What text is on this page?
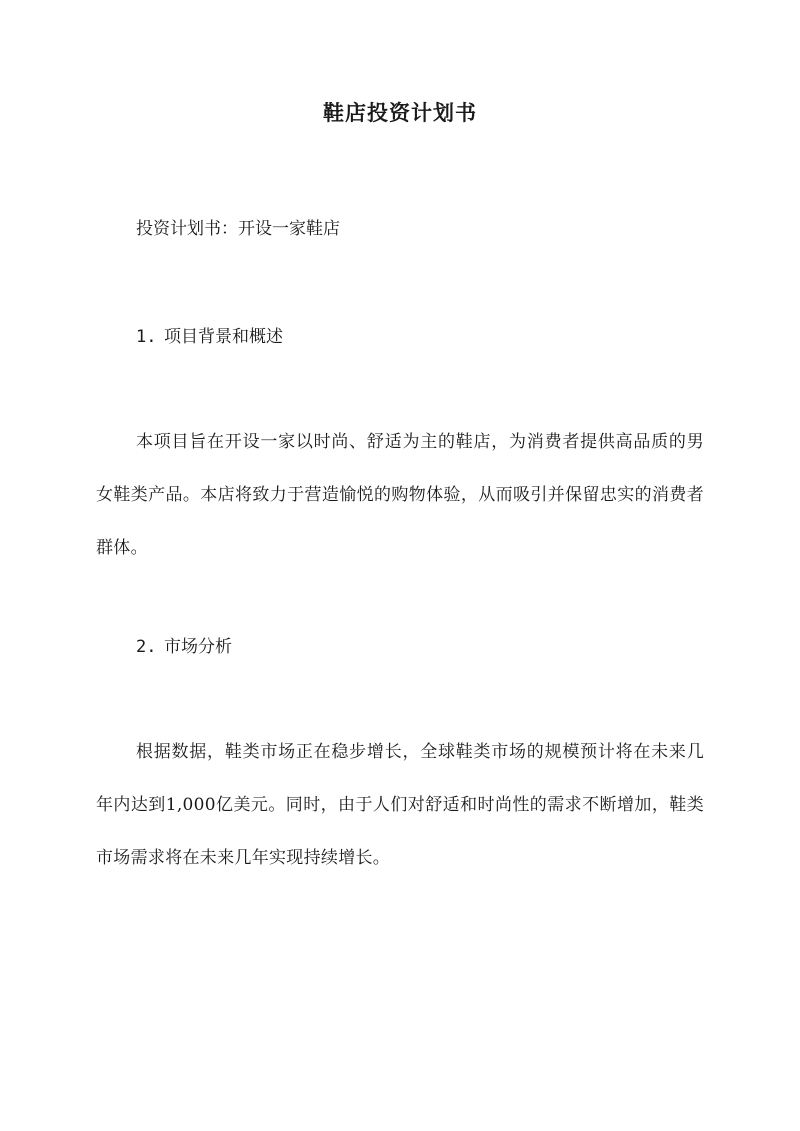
鞋店投资计划书

投资计划书：开设一家鞋店

1. 项目背景和概述

本项目旨在开设一家以时尚、舒适为主的鞋店，为消费者提供高品质的男女鞋类产品。本店将致力于营造愉悦的购物体验，从而吸引并保留忠实的消费者群体。

2. 市场分析

根据数据，鞋类市场正在稳步增长，全球鞋类市场的规模预计将在未来几年内达到1,000亿美元。同时，由于人们对舒适和时尚性的需求不断增加，鞋类市场需求将在未来几年实现持续增长。
